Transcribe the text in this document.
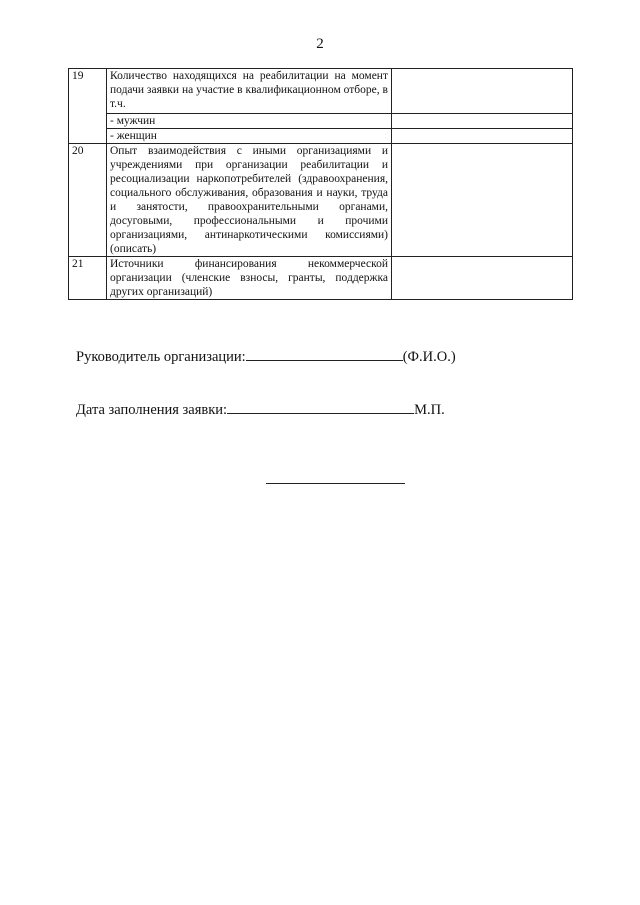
2
19	Количество находящихся на реабилитации на момент подачи заявки на участие в квалификационном отборе, в т.ч.	
	- мужчин	
	- женщин	
20	Опыт взаимодействия с иными организациями и учреждениями при организации реабилитации и ресоциализации наркопотребителей (здравоохранения, социального обслуживания, образования и науки, труда и занятости, правоохранительными органами, досуговыми, профессиональными и прочими организациями, антинаркотическими комиссиями) (описать)	
21	Источники финансирования некоммерческой организации (членские взносы, гранты, поддержка других организаций)	
Руководитель организации:	(Ф.И.О.)
Дата заполнения заявки:	М.П.
